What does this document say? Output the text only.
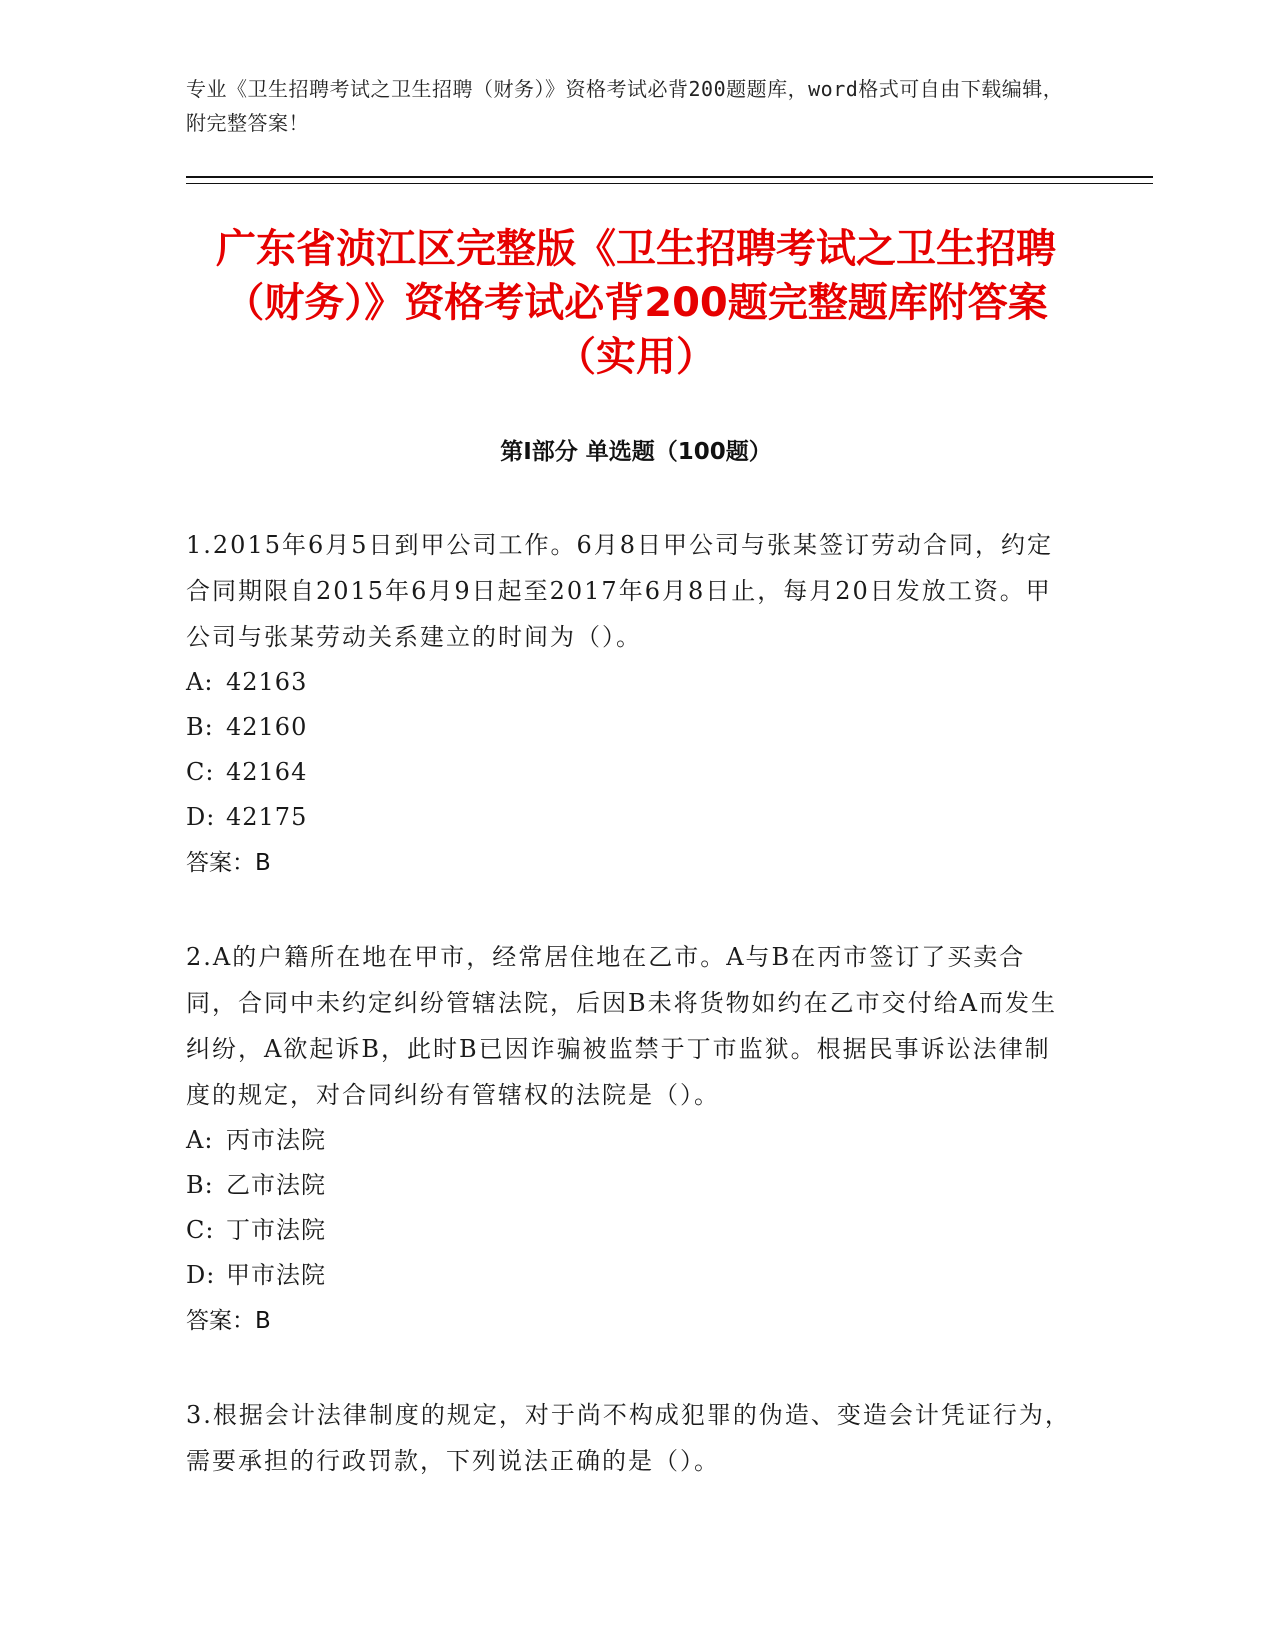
专业《卫生招聘考试之卫生招聘（财务）》资格考试必背200题题库，word格式可自由下载编辑，附完整答案！
广东省浈江区完整版《卫生招聘考试之卫生招聘（财务）》资格考试必背200题完整题库附答案（实用）
第I部分 单选题（100题）
1.2015年6月5日到甲公司工作。6月8日甲公司与张某签订劳动合同，约定合同期限自2015年6月9日起至2017年6月8日止，每月20日发放工资。甲公司与张某劳动关系建立的时间为（）。
A: 42163
B: 42160
C: 42164
D: 42175
答案：B
2.A的户籍所在地在甲市，经常居住地在乙市。A与B在丙市签订了买卖合同，合同中未约定纠纷管辖法院，后因B未将货物如约在乙市交付给A而发生纠纷，A欲起诉B，此时B已因诈骗被监禁于丁市监狱。根据民事诉讼法律制度的规定，对合同纠纷有管辖权的法院是（）。
A: 丙市法院
B: 乙市法院
C: 丁市法院
D: 甲市法院
答案：B
3.根据会计法律制度的规定，对于尚不构成犯罪的伪造、变造会计凭证行为，需要承担的行政罚款，下列说法正确的是（）。
